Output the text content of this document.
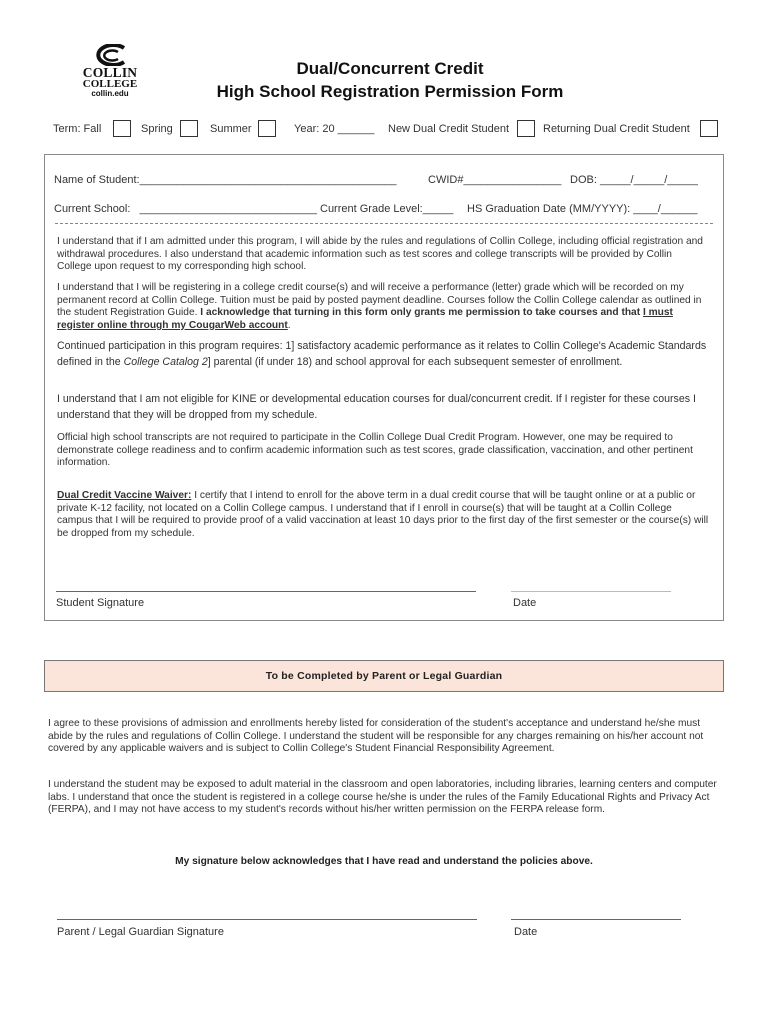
COLLIN
COLLEGE
collin.edu
Dual/Concurrent Credit
High School Registration Permission Form
Term: Fall	Spring	Summer	Year: 20 ______ New Dual Credit Student	Returning Dual Credit Student
Name of Student:__________________________________________	CWID#________________ DOB: _____/_____/_____
Current School: _____________________________ Current Grade Level:_____ HS Graduation Date (MM/YYYY): ____/______
I understand that if I am admitted under this program, I will abide by the rules and regulations of Collin College, including official registration and withdrawal procedures. I also understand that academic information such as test scores and college transcripts will be provided by Collin College upon request to my corresponding high school.
I understand that I will be registering in a college credit course(s) and will receive a performance (letter) grade which will be recorded on my permanent record at Collin College. Tuition must be paid by posted payment deadline. Courses follow the Collin College calendar as outlined in the student Registration Guide. I acknowledge that turning in this form only grants me permission to take courses and that I must register online through my CougarWeb account.
Continued participation in this program requires: 1] satisfactory academic performance as it relates to Collin College's Academic Standards defined in the College Catalog 2] parental (if under 18) and school approval for each subsequent semester of enrollment.
I understand that I am not eligible for KINE or developmental education courses for dual/concurrent credit. If I register for these courses I understand that they will be dropped from my schedule.
Official high school transcripts are not required to participate in the Collin College Dual Credit Program. However, one may be required to demonstrate college readiness and to confirm academic information such as test scores, grade classification, vaccination, and other pertinent information.
Dual Credit Vaccine Waiver: I certify that I intend to enroll for the above term in a dual credit course that will be taught online or at a public or private K-12 facility, not located on a Collin College campus. I understand that if I enroll in course(s) that will be taught at a Collin College campus that I will be required to provide proof of a valid vaccination at least 10 days prior to the first day of the first semester or the course(s) will be dropped from my schedule.
Student Signature	Date
To be Completed by Parent or Legal Guardian
I agree to these provisions of admission and enrollments hereby listed for consideration of the student's acceptance and understand he/she must abide by the rules and regulations of Collin College. I understand the student will be responsible for any charges remaining on his/her account not covered by any applicable waivers and is subject to Collin College's Student Financial Responsibility Agreement.
I understand the student may be exposed to adult material in the classroom and open laboratories, including libraries, learning centers and computer labs. I understand that once the student is registered in a college course he/she is under the rules of the Family Educational Rights and Privacy Act (FERPA), and I may not have access to my student's records without his/her written permission on the FERPA release form.
My signature below acknowledges that I have read and understand the policies above.
Parent / Legal Guardian Signature	Date
